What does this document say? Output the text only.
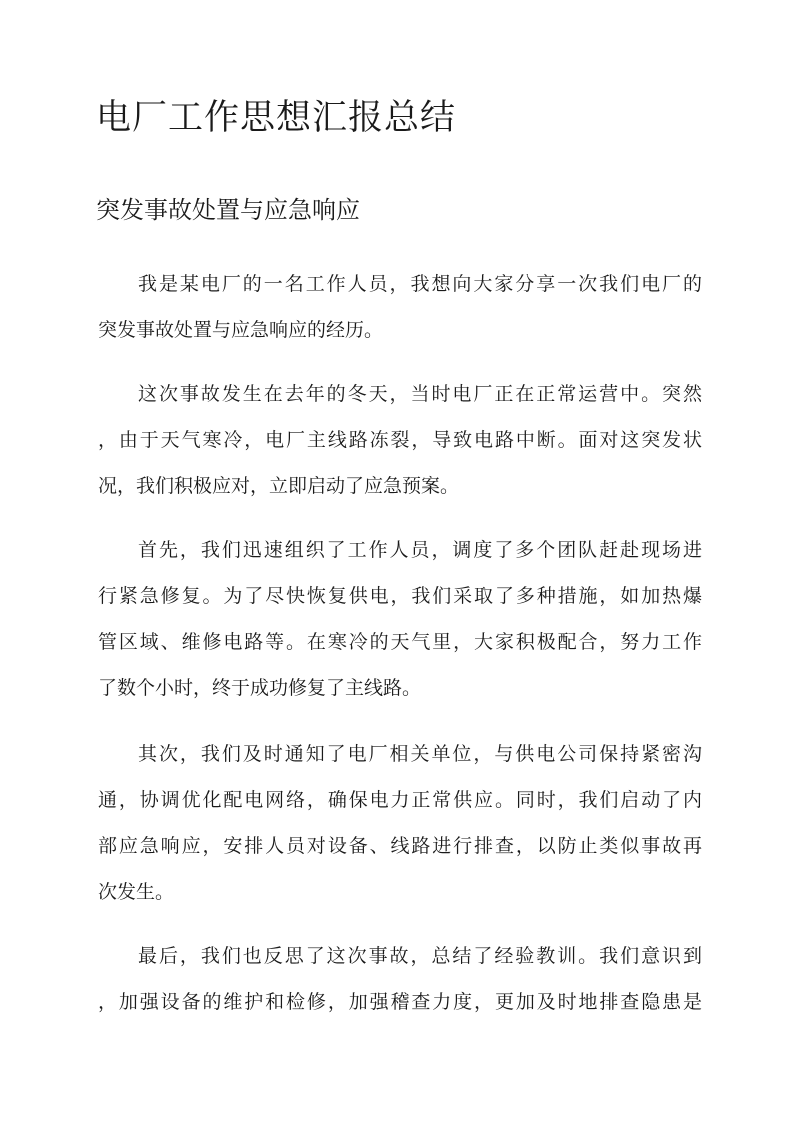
电厂工作思想汇报总结
突发事故处置与应急响应

我是某电厂的一名工作人员，我想向大家分享一次我们电厂的

突发事故处置与应急响应的经历。

这次事故发生在去年的冬天，当时电厂正在正常运营中。突然

，由于天气寒冷，电厂主线路冻裂，导致电路中断。面对这突发状

况，我们积极应对，立即启动了应急预案。

首先，我们迅速组织了工作人员，调度了多个团队赶赴现场进

行紧急修复。为了尽快恢复供电，我们采取了多种措施，如加热爆

管区域、维修电路等。在寒冷的天气里，大家积极配合，努力工作

了数个小时，终于成功修复了主线路。

其次，我们及时通知了电厂相关单位，与供电公司保持紧密沟

通，协调优化配电网络，确保电力正常供应。同时，我们启动了内

部应急响应，安排人员对设备、线路进行排查，以防止类似事故再

次发生。

最后，我们也反思了这次事故，总结了经验教训。我们意识到

，加强设备的维护和检修，加强稽查力度，更加及时地排查隐患是
